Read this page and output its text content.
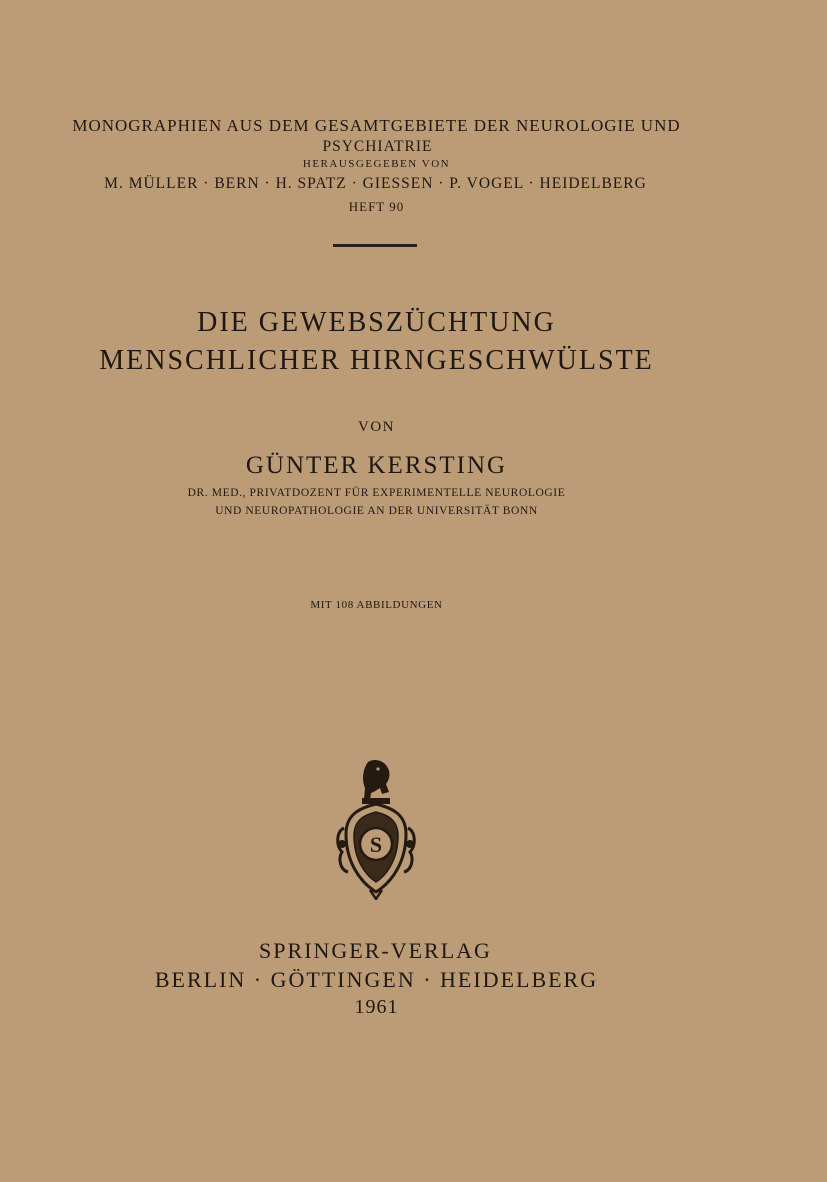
MONOGRAPHIEN AUS DEM GESAMTGEBIETE DER NEUROLOGIE UND
PSYCHIATRIE
HERAUSGEGEBEN VON
M. MÜLLER · BERN · H. SPATZ · GIESSEN · P. VOGEL · HEIDELBERG
HEFT 90
DIE GEWEBSZÜCHTUNG
MENSCHLICHER HIRNGESCHWÜLSTE
VON
GÜNTER KERSTING
DR. MED., PRIVATDOZENT FÜR EXPERIMENTELLE NEUROLOGIE
UND NEUROPATHOLOGIE AN DER UNIVERSITÄT BONN
MIT 108 ABBILDUNGEN
S
SPRINGER-VERLAG
BERLIN · GÖTTINGEN · HEIDELBERG
1961
